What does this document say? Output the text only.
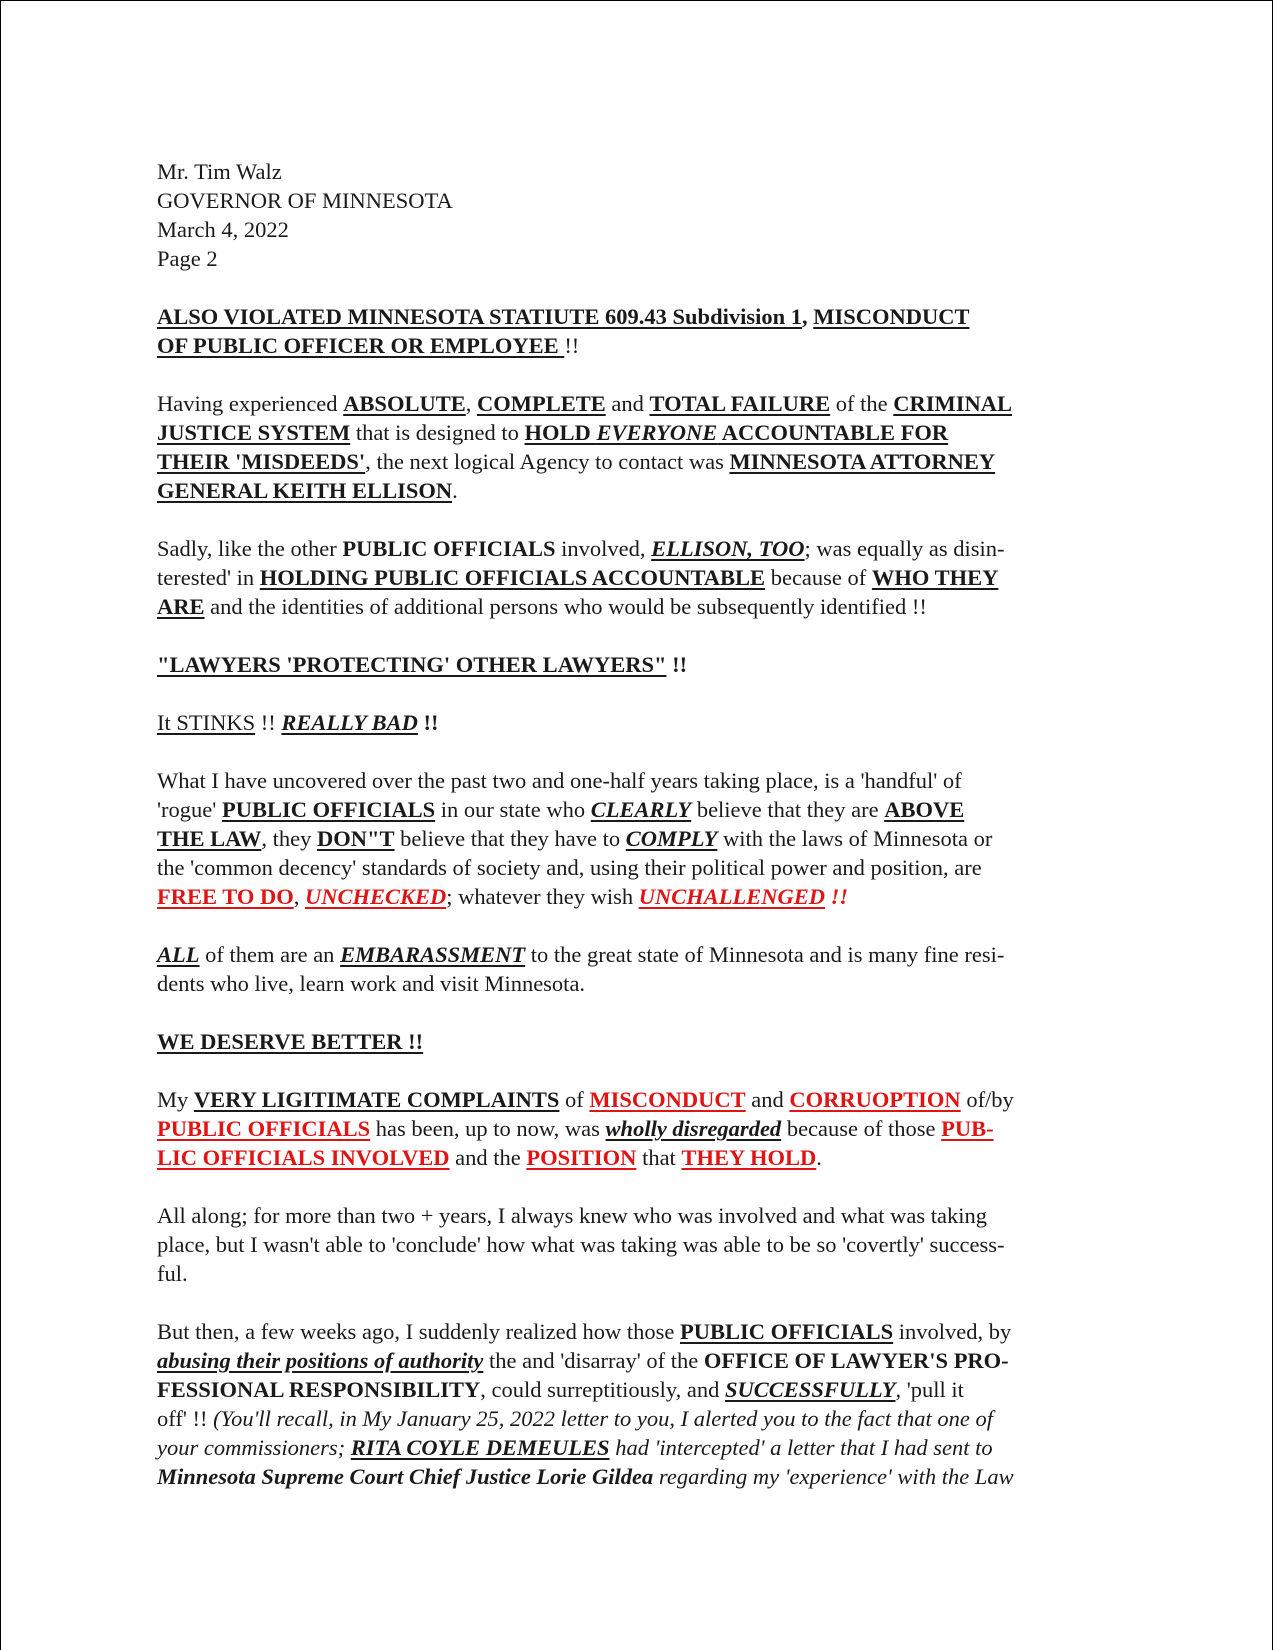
Mr. Tim Walz

GOVERNOR OF MINNESOTA

March 4, 2022

Page 2

ALSO VIOLATED MINNESOTA STATIUTE 609.43 Subdivision 1, MISCONDUCT
OF PUBLIC OFFICER OR EMPLOYEE !!

Having experienced ABSOLUTE, COMPLETE and TOTAL FAILURE of the CRIMINAL
JUSTICE SYSTEM that is designed to HOLD EVERYONE ACCOUNTABLE FOR
THEIR 'MISDEEDS', the next logical Agency to contact was MINNESOTA ATTORNEY
GENERAL KEITH ELLISON.

Sadly, like the other PUBLIC OFFICIALS involved, ELLISON, TOO; was equally as disin-
terested' in HOLDING PUBLIC OFFICIALS ACCOUNTABLE because of WHO THEY
ARE and the identities of additional persons who would be subsequently identified !!

"LAWYERS 'PROTECTING' OTHER LAWYERS" !!

It STINKS !! REALLY BAD !!

What I have uncovered over the past two and one-half years taking place, is a 'handful' of
'rogue' PUBLIC OFFICIALS in our state who CLEARLY believe that they are ABOVE
THE LAW, they DON"T believe that they have to COMPLY with the laws of Minnesota or
the 'common decency' standards of society and, using their political power and position, are
FREE TO DO, UNCHECKED; whatever they wish UNCHALLENGED !!

ALL of them are an EMBARASSMENT to the great state of Minnesota and is many fine resi-
dents who live, learn work and visit Minnesota.

WE DESERVE BETTER !!

My VERY LIGITIMATE COMPLAINTS of MISCONDUCT and CORRUOPTION of/by
PUBLIC OFFICIALS has been, up to now, was wholly disregarded because of those PUB-
LIC OFFICIALS INVOLVED and the POSITION that THEY HOLD.

All along; for more than two + years, I always knew who was involved and what was taking
place, but I wasn't able to 'conclude' how what was taking was able to be so 'covertly' success-
ful.

But then, a few weeks ago, I suddenly realized how those PUBLIC OFFICIALS involved, by
abusing their positions of authority the and 'disarray' of the OFFICE OF LAWYER'S PRO-
FESSIONAL RESPONSIBILITY, could surreptitiously, and SUCCESSFULLY, 'pull it
off' !! (You'll recall, in My January 25, 2022 letter to you, I alerted you to the fact that one of
your commissioners; RITA COYLE DEMEULES had 'intercepted' a letter that I had sent to
Minnesota Supreme Court Chief Justice Lorie Gildea regarding my 'experience' with the Law
